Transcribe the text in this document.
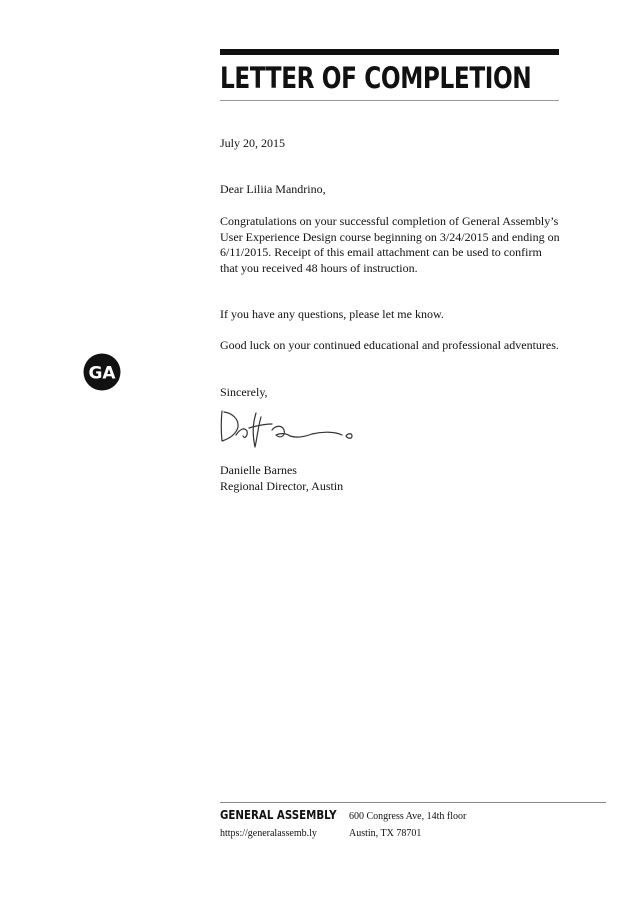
LETTER OF COMPLETION
GA

July 20, 2015

Dear Liliia Mandrino,

Congratulations on your successful completion of General Assembly’s User Experience Design course beginning on 3/24/2015 and ending on 6/11/2015. Receipt of this email attachment can be used to confirm that you received 48 hours of instruction.

If you have any questions, please let me know.

Good luck on your continued educational and professional adventures.

Sincerely,

Danielle Barnes

Regional Director, Austin

GENERAL ASSEMBLY 600 Congress Ave, 14th floor
https://generalassemb.ly	Austin, TX 78701
